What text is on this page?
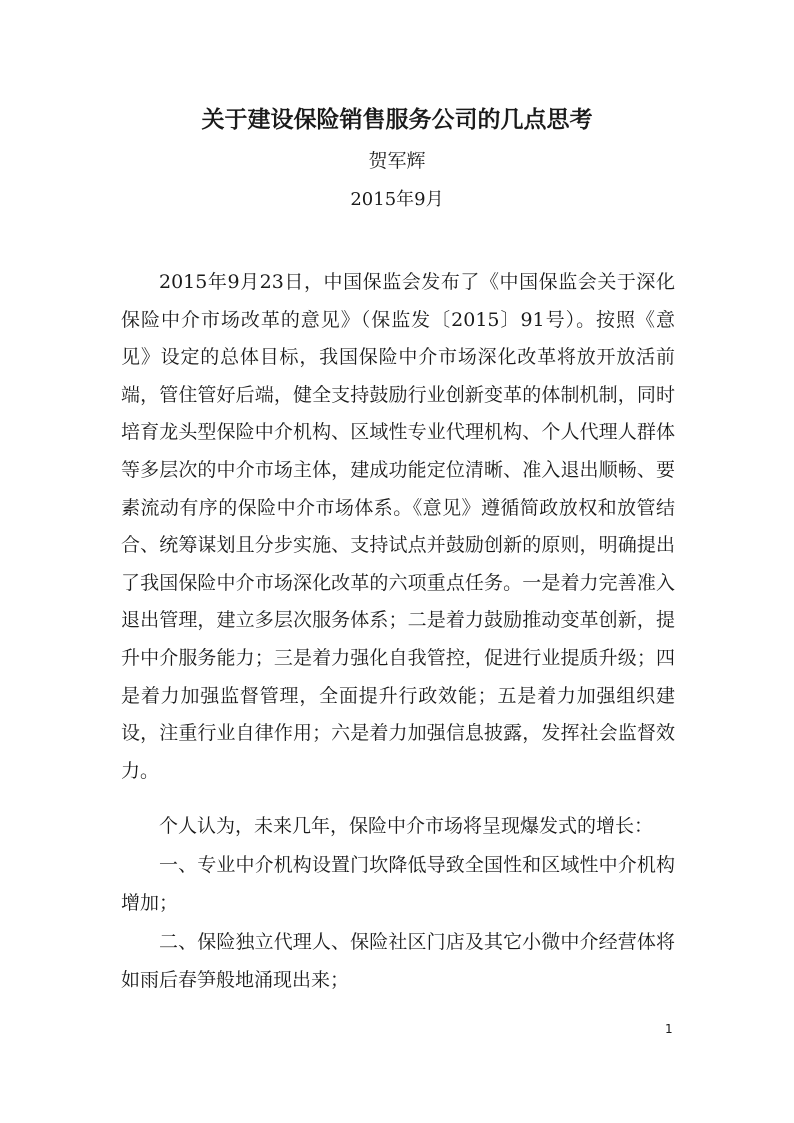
关于建设保险销售服务公司的几点思考
贺军辉
2015年9月

2015年9月23日，中国保监会发布了《中国保监会关于深化保险中介市场改革的意见》（保监发〔2015〕91号）。按照《意见》设定的总体目标，我国保险中介市场深化改革将放开放活前端，管住管好后端，健全支持鼓励行业创新变革的体制机制，同时培育龙头型保险中介机构、区域性专业代理机构、个人代理人群体等多层次的中介市场主体，建成功能定位清晰、准入退出顺畅、要素流动有序的保险中介市场体系。《意见》遵循简政放权和放管结合、统筹谋划且分步实施、支持试点并鼓励创新的原则，明确提出了我国保险中介市场深化改革的六项重点任务。一是着力完善准入退出管理，建立多层次服务体系；二是着力鼓励推动变革创新，提升中介服务能力；三是着力强化自我管控，促进行业提质升级；四是着力加强监督管理，全面提升行政效能；五是着力加强组织建设，注重行业自律作用；六是着力加强信息披露，发挥社会监督效力。

个人认为，未来几年，保险中介市场将呈现爆发式的增长：

一、专业中介机构设置门坎降低导致全国性和区域性中介机构增加；

二、保险独立代理人、保险社区门店及其它小微中介经营体将如雨后春笋般地涌现出来；

1
